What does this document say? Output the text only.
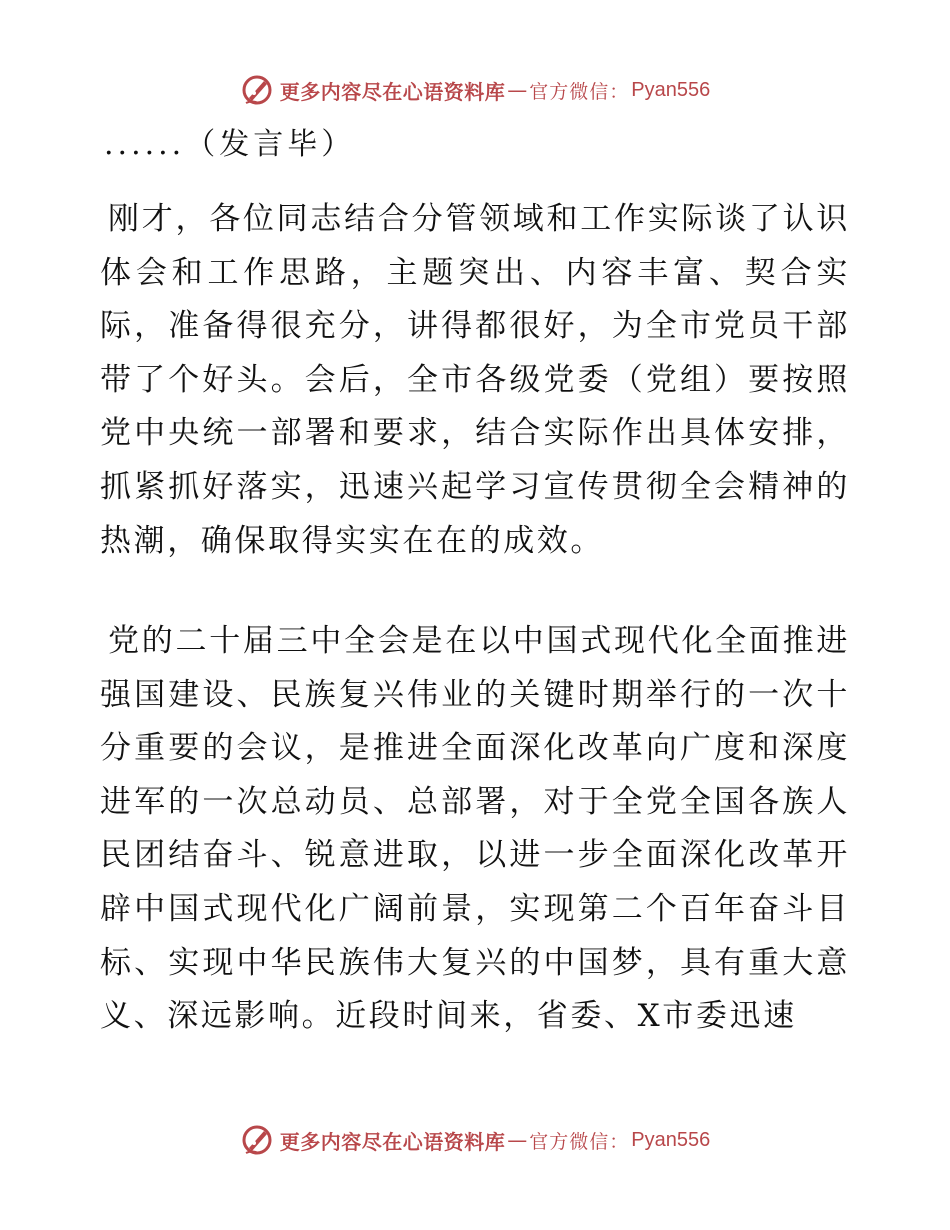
更多内容尽在心语资料库 — 官方微信： Pyan556
......（发言毕）

刚才，各位同志结合分管领域和工作实际谈了认识体会和工作思路，主题突出、内容丰富、契合实际，准备得很充分，讲得都很好，为全市党员干部带了个好头。会后，全市各级党委（党组）要按照党中央统一部署和要求，结合实际作出具体安排，抓紧抓好落实，迅速兴起学习宣传贯彻全会精神的热潮，确保取得实实在在的成效。

党的二十届三中全会是在以中国式现代化全面推进强国建设、民族复兴伟业的关键时期举行的一次十分重要的会议，是推进全面深化改革向广度和深度进军的一次总动员、总部署，对于全党全国各族人民团结奋斗、锐意进取，以进一步全面深化改革开辟中国式现代化广阔前景，实现第二个百年奋斗目标、实现中华民族伟大复兴的中国梦，具有重大意义、深远影响。近段时间来，省委、X市委迅速

更多内容尽在心语资料库 — 官方微信： Pyan556
